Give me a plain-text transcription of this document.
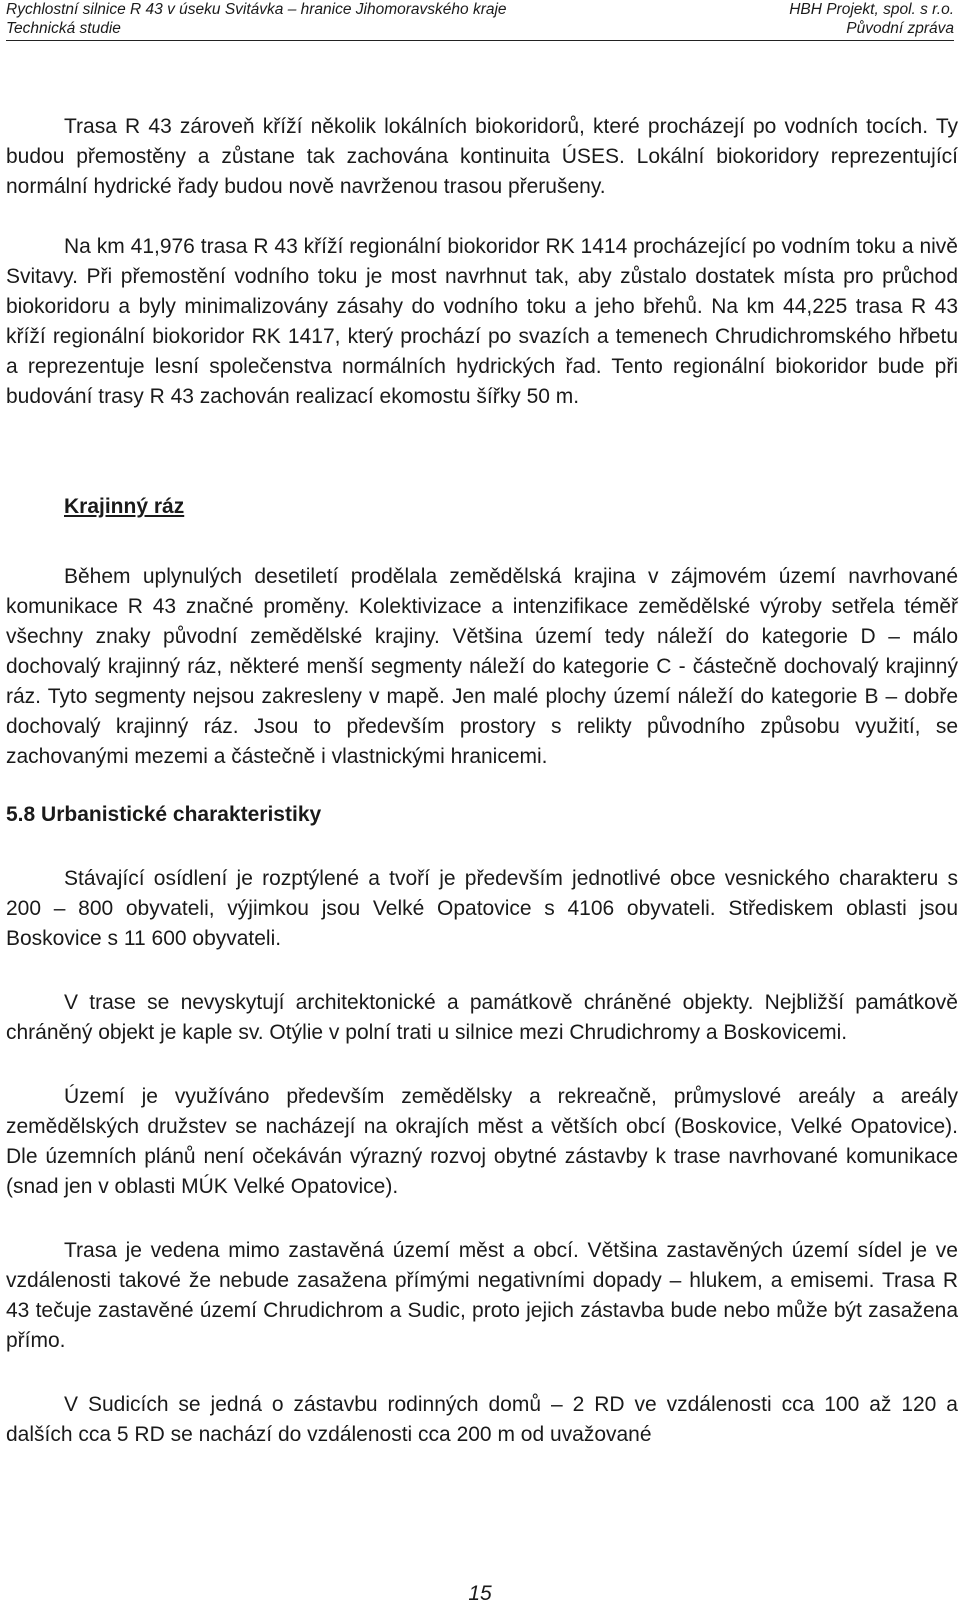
Rychlostní silnice R 43 v úseku Svitávka – hranice Jihomoravského kraje	HBH Projekt, spol. s r.o.
Technická studie	Původní zpráva

Trasa R 43 zároveň kříží několik lokálních biokoridorů, které procházejí po vodních tocích. Ty budou přemostěny a zůstane tak zachována kontinuita ÚSES. Lokální biokoridory reprezentující normální hydrické řady budou nově navrženou trasou přerušeny.

Na km 41,976 trasa R 43 kříží regionální biokoridor RK 1414 procházející po vodním toku a nivě Svitavy. Při přemostění vodního toku je most navrhnut tak, aby zůstalo dostatek místa pro průchod biokoridoru a byly minimalizovány zásahy do vodního toku a jeho břehů. Na km 44,225 trasa R 43 kříží regionální biokoridor RK 1417, který prochází po svazích a temenech Chrudichromského hřbetu a reprezentuje lesní společenstva normálních hydrických řad. Tento regionální biokoridor bude při budování trasy R 43 zachován realizací ekomostu šířky 50 m.

Krajinný ráz

Během uplynulých desetiletí prodělala zemědělská krajina v zájmovém území navrhované komunikace R 43 značné proměny. Kolektivizace a intenzifikace zemědělské výroby setřela téměř všechny znaky původní zemědělské krajiny. Většina území tedy náleží do kategorie D – málo dochovalý krajinný ráz, některé menší segmenty náleží do kategorie C - částečně dochovalý krajinný ráz. Tyto segmenty nejsou zakresleny v mapě. Jen malé plochy území náleží do kategorie B – dobře dochovalý krajinný ráz. Jsou to především prostory s relikty původního způsobu využití, se zachovanými mezemi a částečně i vlastnickými hranicemi.

5.8 Urbanistické charakteristiky

Stávající osídlení je rozptýlené a tvoří je především jednotlivé obce vesnického charakteru s 200 – 800 obyvateli, výjimkou jsou Velké Opatovice s 4106 obyvateli. Střediskem oblasti jsou Boskovice s 11 600 obyvateli.

V trase se nevyskytují architektonické a památkově chráněné objekty. Nejbližší památkově chráněný objekt je kaple sv. Otýlie v polní trati u silnice mezi Chrudichromy a Boskovicemi.

Území je využíváno především zemědělsky a rekreačně, průmyslové areály a areály zemědělských družstev se nacházejí na okrajích měst a větších obcí (Boskovice, Velké Opatovice). Dle územních plánů není očekáván výrazný rozvoj obytné zástavby k trase navrhované komunikace (snad jen v oblasti MÚK Velké Opatovice).

Trasa je vedena mimo zastavěná území měst a obcí. Většina zastavěných území sídel je ve vzdálenosti takové že nebude zasažena přímými negativními dopady – hlukem, a emisemi. Trasa R 43 tečuje zastavěné území Chrudichrom a Sudic, proto jejich zástavba bude nebo může být zasažena přímo.

V Sudicích se jedná o zástavbu rodinných domů – 2 RD ve vzdálenosti cca 100 až 120 a dalších cca 5 RD se nachází do vzdálenosti cca 200 m od uvažované

15
